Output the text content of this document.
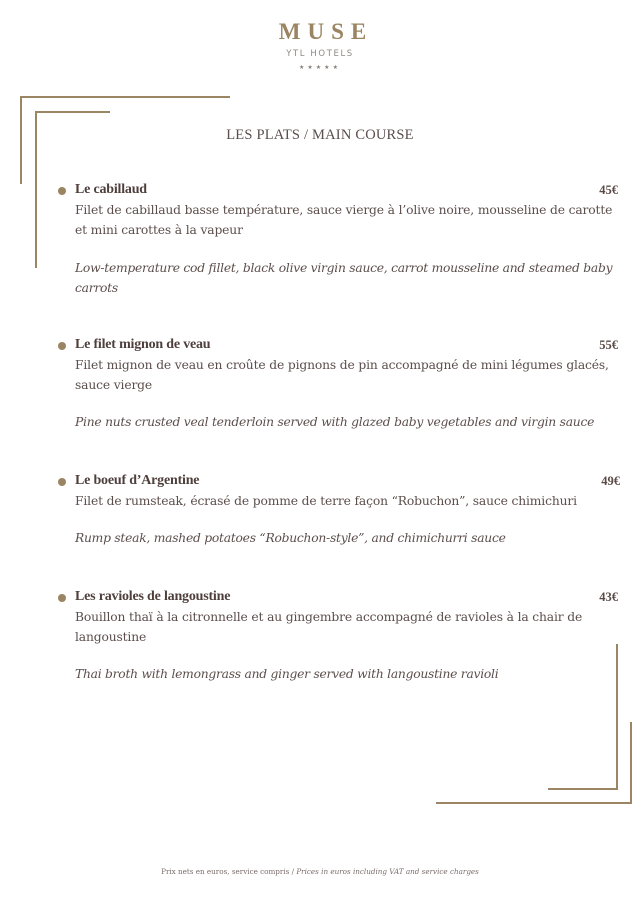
MUSE
YTL HOTELS
★★★★★
LES PLATS / MAIN COURSE
Le cabillaud	45€
Filet de cabillaud basse température, sauce vierge à l’olive noire, mousseline de carotte et mini carottes à la vapeur
Low-temperature cod fillet, black olive virgin sauce, carrot mousseline and steamed baby carrots
Le filet mignon de veau	55€
Filet mignon de veau en croûte de pignons de pin accompagné de mini légumes glacés, sauce vierge
Pine nuts crusted veal tenderloin served with glazed baby vegetables and virgin sauce
Le boeuf d’Argentine	49€
Filet de rumsteak, écrasé de pomme de terre façon “Robuchon”, sauce chimichuri
Rump steak, mashed potatoes “Robuchon-style”, and chimichurri sauce
Les ravioles de langoustine	43€
Bouillon thaï à la citronnelle et au gingembre accompagné de ravioles à la chair de langoustine
Thai broth with lemongrass and ginger served with langoustine ravioli
Prix nets en euros, service compris / Prices in euros including VAT and service charges
